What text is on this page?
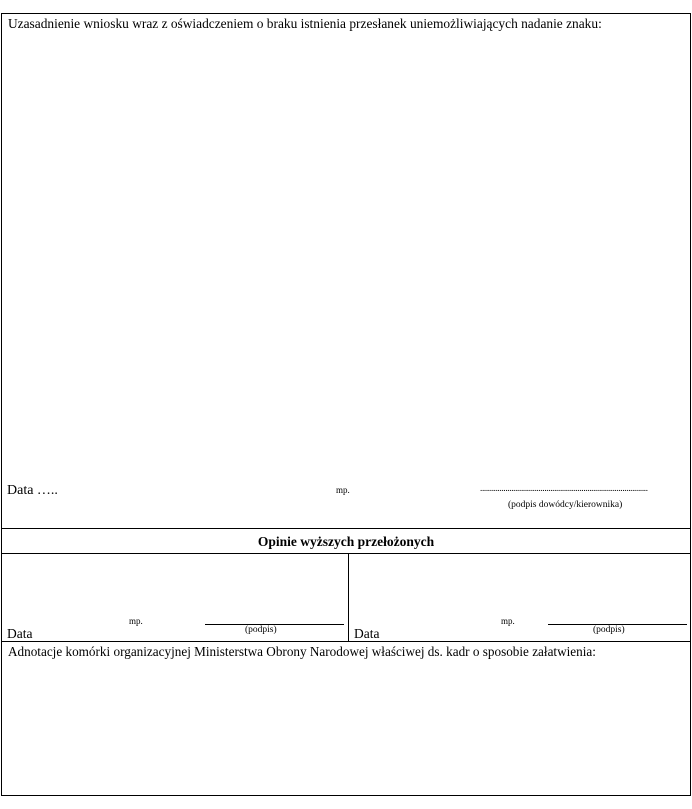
Uzasadnienie wniosku wraz z oświadczeniem o braku istnienia przesłanek uniemożliwiających nadanie znaku:
Data …..	mp.	......................................................................................
(podpis dowódcy/kierownika)
Opinie wyższych przełożonych
mp.
(podpis)
Data
mp.
(podpis)
Data
Adnotacje komórki organizacyjnej Ministerstwa Obrony Narodowej właściwej ds. kadr o sposobie załatwienia:
